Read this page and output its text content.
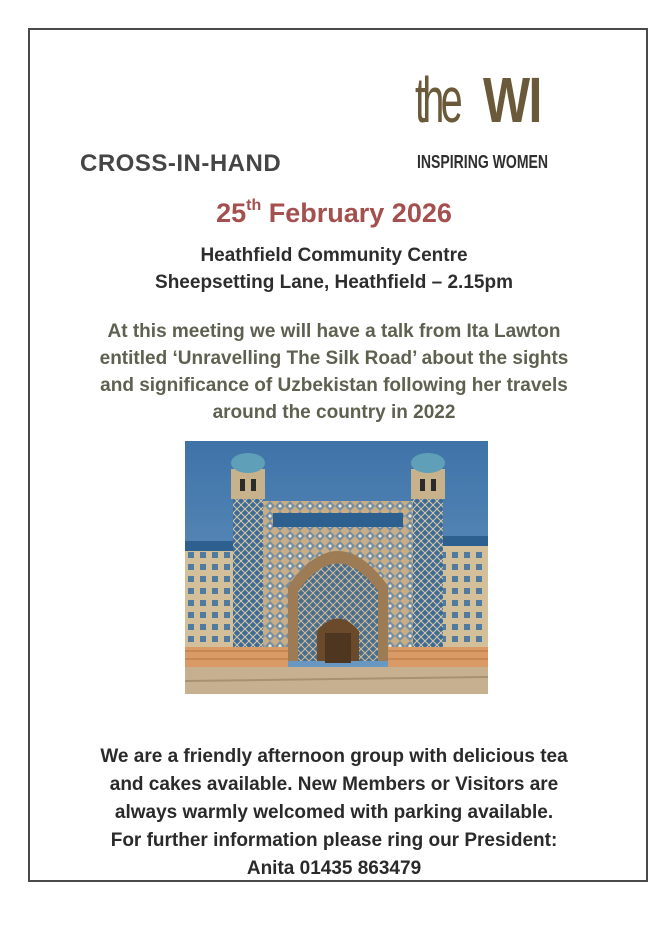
the WI
INSPIRING WOMEN
CROSS-IN-HAND
25th February 2026
Heathfield Community Centre
Sheepsetting Lane, Heathfield – 2.15pm
At this meeting we will have a talk from Ita Lawton
entitled ‘Unravelling The Silk Road’ about the sights
and significance of Uzbekistan following her travels
around the country in 2022
We are a friendly afternoon group with delicious tea
and cakes available. New Members or Visitors are
always warmly welcomed with parking available.
For further information please ring our President:
Anita 01435 863479
